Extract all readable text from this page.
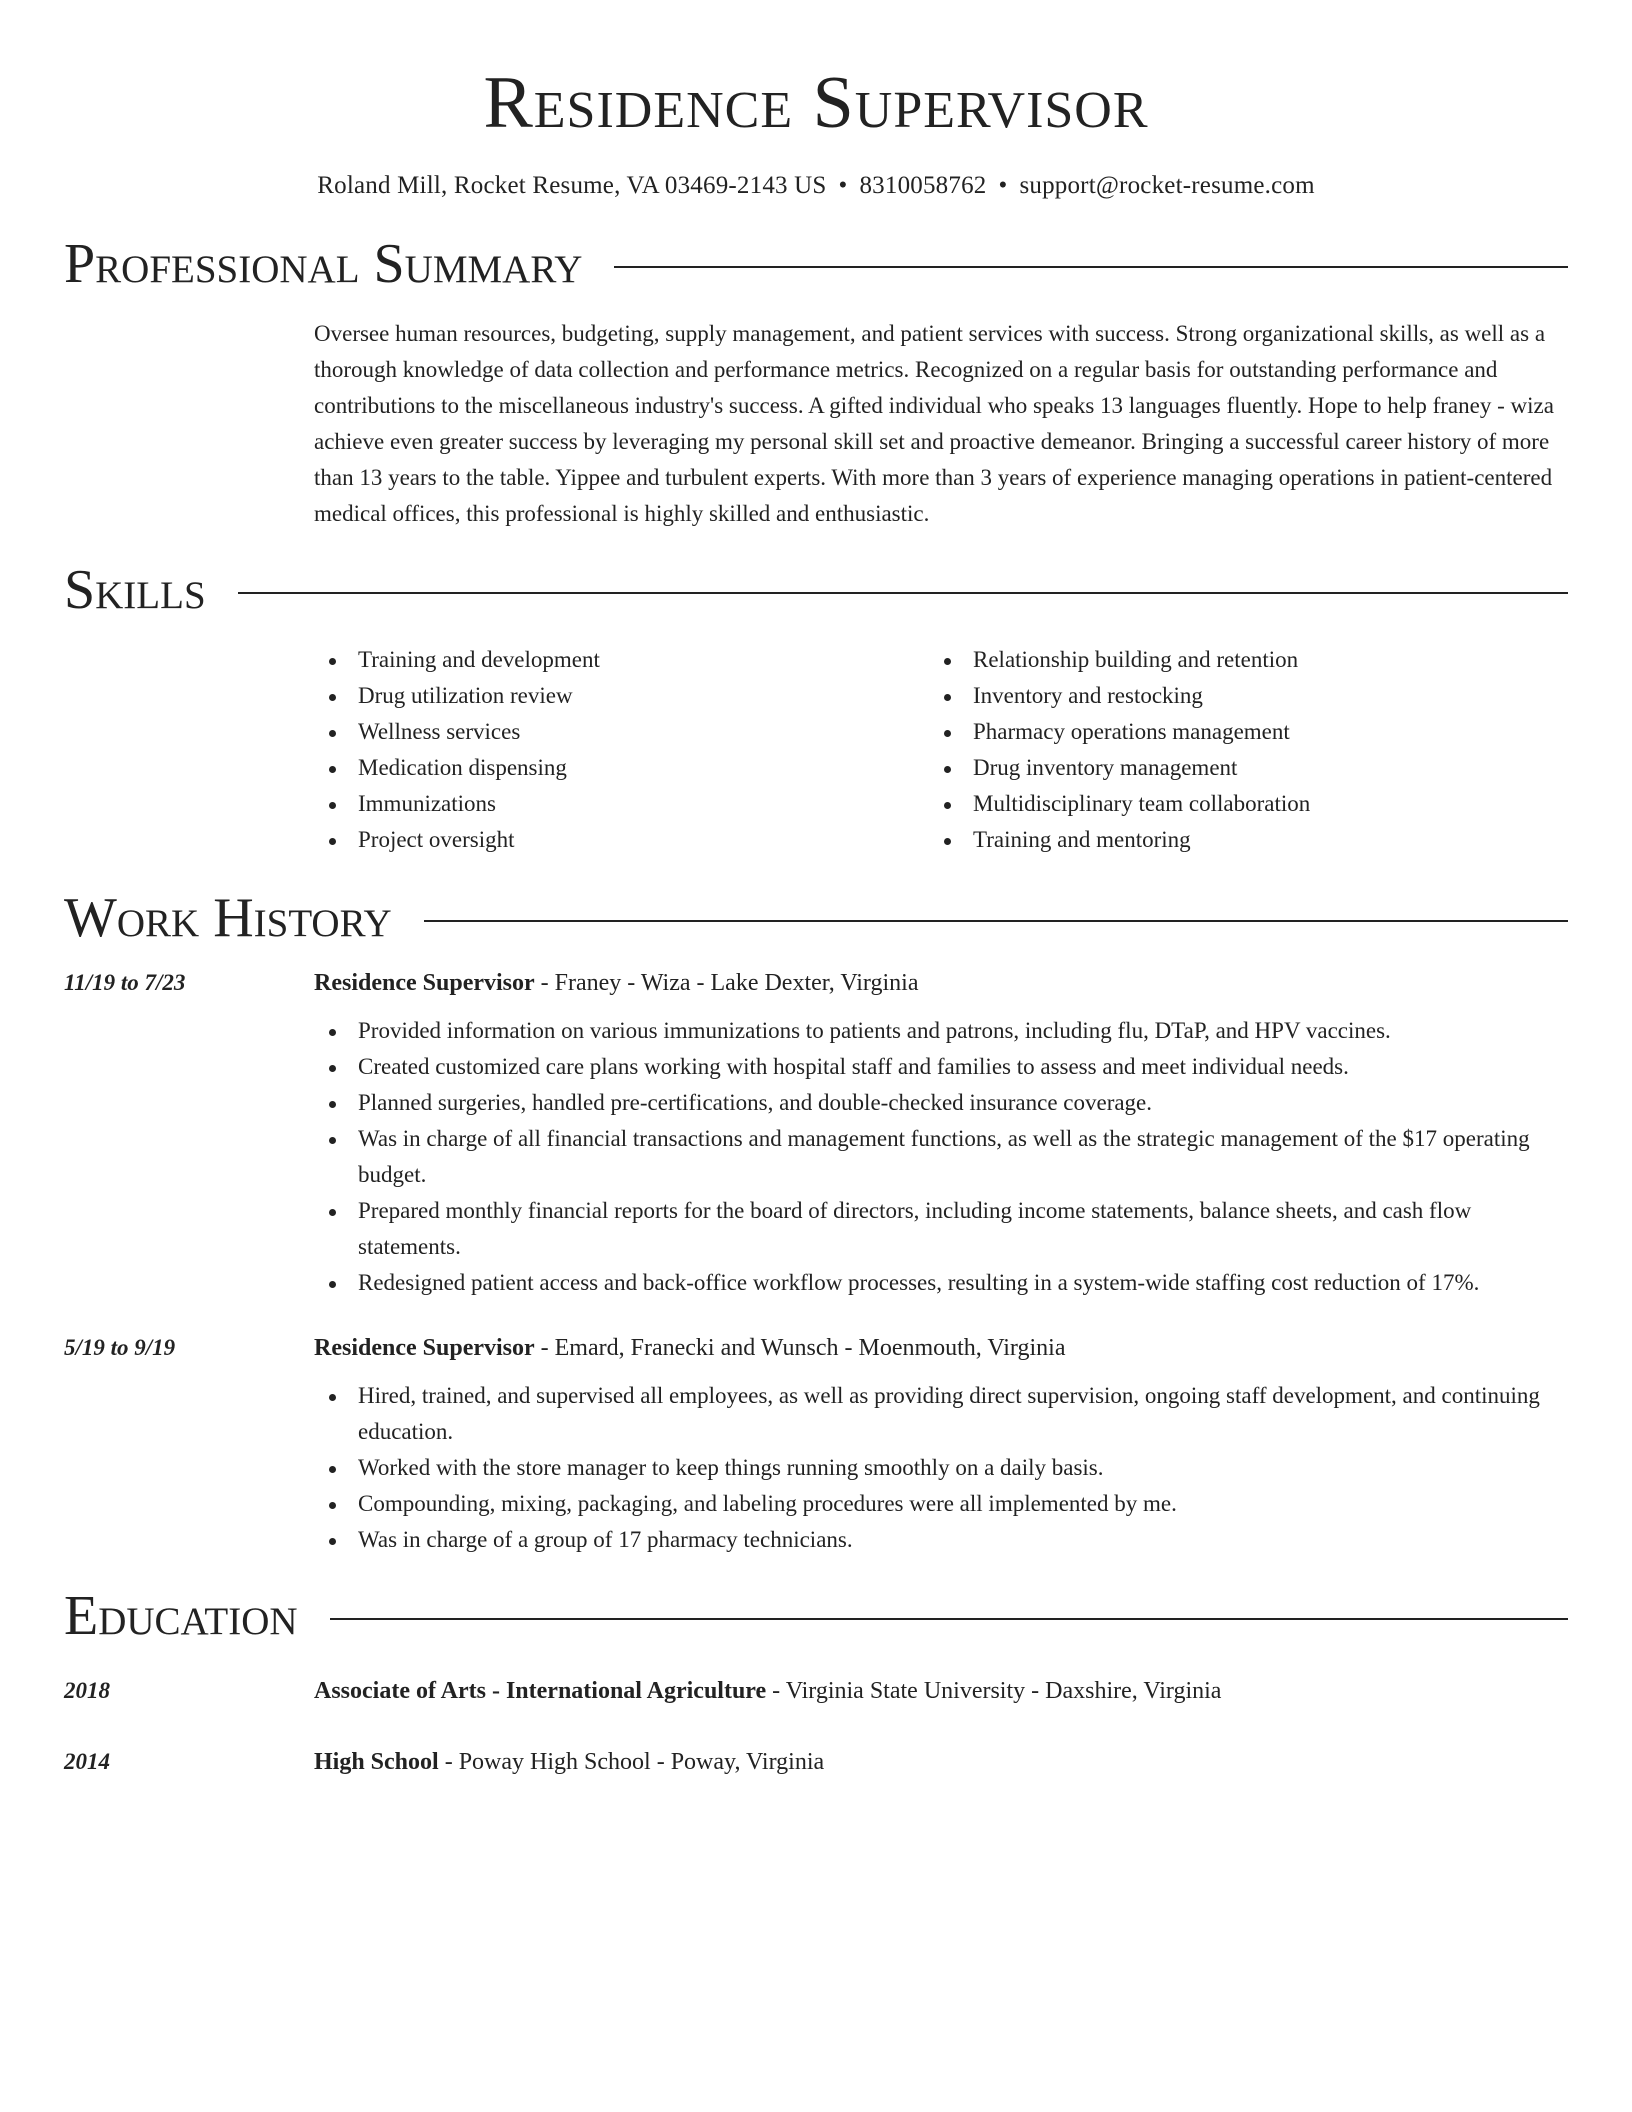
Residence Supervisor
Roland Mill, Rocket Resume, VA 03469-2143 US • 8310058762 • support@rocket-resume.com
Professional Summary
Oversee human resources, budgeting, supply management, and patient services with success. Strong organizational skills, as well as a thorough knowledge of data collection and performance metrics. Recognized on a regular basis for outstanding performance and contributions to the miscellaneous industry's success. A gifted individual who speaks 13 languages fluently. Hope to help franey - wiza achieve even greater success by leveraging my personal skill set and proactive demeanor. Bringing a successful career history of more than 13 years to the table. Yippee and turbulent experts. With more than 3 years of experience managing operations in patient-centered medical offices, this professional is highly skilled and enthusiastic.
Skills
Training and development
Drug utilization review
Wellness services
Medication dispensing
Immunizations
Project oversight
Relationship building and retention
Inventory and restocking
Pharmacy operations management
Drug inventory management
Multidisciplinary team collaboration
Training and mentoring
Work History
11/19 to 7/23	Residence Supervisor - Franey - Wiza - Lake Dexter, Virginia
Provided information on various immunizations to patients and patrons, including flu, DTaP, and HPV vaccines.
Created customized care plans working with hospital staff and families to assess and meet individual needs.
Planned surgeries, handled pre-certifications, and double-checked insurance coverage.
Was in charge of all financial transactions and management functions, as well as the strategic management of the $17 operating budget.
Prepared monthly financial reports for the board of directors, including income statements, balance sheets, and cash flow statements.
Redesigned patient access and back-office workflow processes, resulting in a system-wide staffing cost reduction of 17%.
5/19 to 9/19	Residence Supervisor - Emard, Franecki and Wunsch - Moenmouth, Virginia
Hired, trained, and supervised all employees, as well as providing direct supervision, ongoing staff development, and continuing education.
Worked with the store manager to keep things running smoothly on a daily basis.
Compounding, mixing, packaging, and labeling procedures were all implemented by me.
Was in charge of a group of 17 pharmacy technicians.
Education
2018	Associate of Arts - International Agriculture - Virginia State University - Daxshire, Virginia
2014	High School - Poway High School - Poway, Virginia
